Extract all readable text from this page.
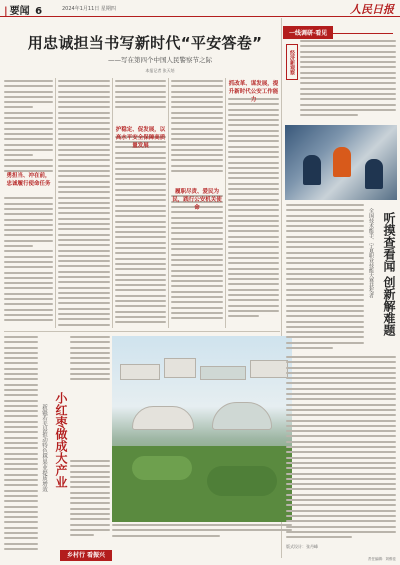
| 要闻 6	2024年1月11日 星期四	人民日报
用忠诚担当书写新时代“平安答卷”
——写在第四个中国人民警察节之际
本报记者 张天培
勇担当、冲在前，忠诚履行使命任务
护稳定、促发展，以高水平安全保障高质量发展
履职尽责、爱民为民，践行公安机关使命
抓改革、谋发展，提升新时代公安工作能力
小红枣做成大产业
新疆若羌县推动特色林果业提质增效
乡村行 看振兴
一线调研·看见
经济新观察
听摸查看闻 创新解难题
全国技术能手、宁夏职业技能大赛获奖者
版式设计：张丹峰
责任编辑：刘维佳
